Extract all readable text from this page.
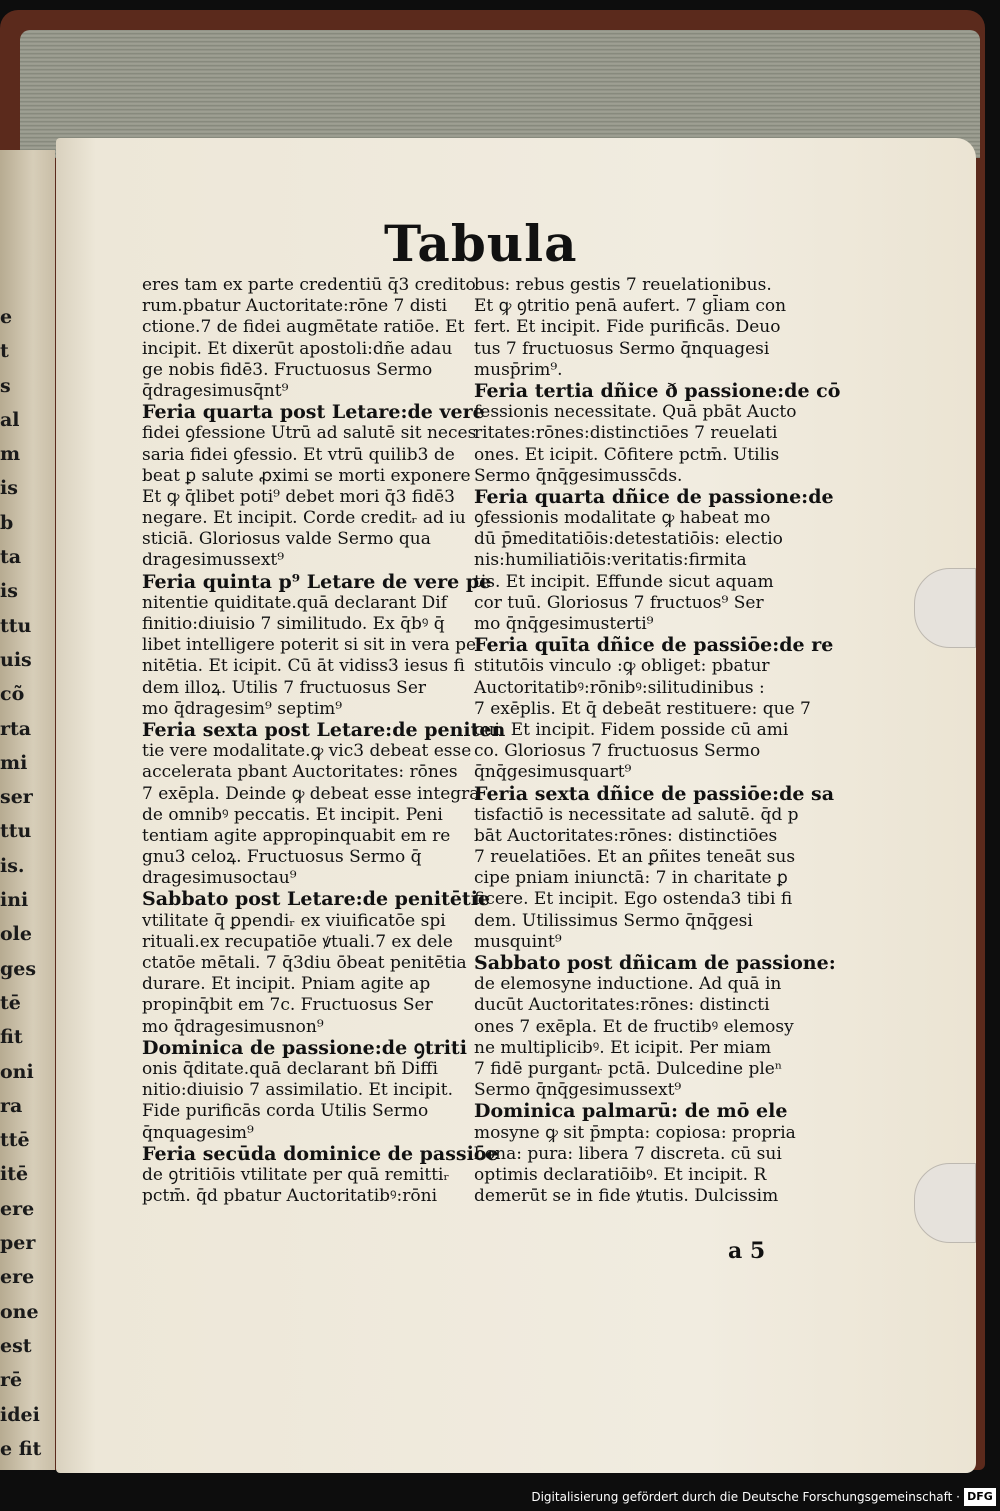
e
t
s
al
m
is
b
ta
is
ttu
uis
cõ
rta
mi
ser
ttu
is.
ini
ole
ges
tē
fit
oni
ra
ttē
itē
ere
per
ere
one
est
rē
idei
e fit
Tabula
eres tam ex parte credentiū q̄3 credito
rum.pbatur Auctoritate:rōne 7 disti
ctione.7 de fidei augmētate ratiōe. Et
incipit. Et dixerūt apostoli:dñe adau
ge nobis fidē3. Fructuosus Sermo
q̄dragesimusq̄nt⁹
Feria quarta post Letare:de vere
fidei ꝯfessione Utrū ad salutē sit neces
saria fidei ꝯfessio. Et vtrū quilib3 de
beat ꝑ salute ꝓximi se morti exponere
Et ꝙ q̄libet poti⁹ debet mori q̄3 fidē3
negare. Et incipit. Corde creditᵣ ad iu
sticiā. Gloriosus valde Sermo qua
dragesimussext⁹
Feria quinta p⁹ Letare de vere pe
nitentie quiditate.quā declarant Dif
finitio:diuisio 7 similitudo. Ex q̄bꝰ q̄
libet intelligere poterit si sit in vera pe
nitētia. Et icipit. Cū āt vidiss3 iesus fi
dem illoꝝ. Utilis 7 fructuosus Ser
mo q̄dragesim⁹ septim⁹
Feria sexta post Letare:de peniten
tie vere modalitate.ꝙ vic3 debeat esse
accelerata pbant Auctoritates: rōnes
7 exēpla. Deinde ꝙ debeat esse integra
de omnibꝰ peccatis. Et incipit. Peni
tentiam agite appropinquabit em re
gnu3 celoꝝ. Fructuosus Sermo q̄
dragesimusoctau⁹
Sabbato post Letare:de penitētie
vtilitate q̄ ꝑpendiᵣ ex viuificatōe spi
rituali.ex recupatiōe ꝟtuali.7 ex dele
ctatōe mētali. 7 q̄3diu ōbeat penitētia
durare. Et incipit. Pniam agite ap
propinq̄bit em 7c. Fructuosus Ser
mo q̄dragesimusnon⁹
Dominica de passione:de ꝯtriti
onis q̄ditate.quā declarant bñ Diffi
nitio:diuisio 7 assimilatio. Et incipit.
Fide purificās corda Utilis Sermo
q̄nquagesim⁹
Feria secūda dominice de passiōe
de ꝯtritiōis vtilitate per quā remittiᵣ
pctm̄. q̄d pbatur Auctoritatibꝰ:rōni
bus: rebus gestis 7 reuelationibus.
Et ꝙ ꝯtritio penā aufert. 7 gl̄iam con
fert. Et incipit. Fide purificās. Deuo
tus 7 fructuosus Sermo q̄nquagesi
musp̄rim⁹.
Feria tertia dñice ð passione:de cō
fessionis necessitate. Quā pbāt Aucto
ritates:rōnes:distinctiōes 7 reuelati
ones. Et icipit. Cōfitere pctm̄. Utilis
Sermo q̄nq̄gesimussc̄ds.
Feria quarta dñice de passione:de
ꝯfessionis modalitate ꝙ habeat mo
dū p̄meditatiōis:detestatiōis: electio
nis:humiliatiōis:veritatis:firmita
tis. Et incipit. Effunde sicut aquam
cor tuū. Gloriosus 7 fructuos⁹ Ser
mo q̄nq̄gesimusterti⁹
Feria quīta dñice de passiōe:de re
stitutōis vinculo :ꝙ obliget: pbatur
Auctoritatibꝰ:rōnibꝰ:silitudinibus :
7 exēplis. Et q̄ debeāt restituere: que 7
cui. Et incipit. Fidem posside cū ami
co. Gloriosus 7 fructuosus Sermo
q̄nq̄gesimusquart⁹
Feria sexta dñice de passiōe:de sa
tisfactiō is necessitate ad salutē. q̄d p
bāt Auctoritates:rōnes: distinctiōes
7 reuelatiōes. Et an ꝑñites teneāt sus
cipe pniam iniunctā: 7 in charitate ꝑ
ficere. Et incipit. Ego ostenda3 tibi fi
dem. Utilissimus Sermo q̄nq̄gesi
musquint⁹
Sabbato post dñicam de passione:
de elemosyne inductione. Ad quā in
ducūt Auctoritates:rōnes: distincti
ones 7 exēpla. Et de fructibꝰ elemosy
ne multiplicibꝰ. Et icipit. Per miam
7 fidē purgantᵣ pctā. Dulcedine pleⁿ
Sermo q̄nq̄gesimussext⁹
Dominica palmarū: de mō ele
mosyne ꝙ sit p̄mpta: copiosa: propria
bona: pura: libera 7 discreta. cū sui
optimis declaratiōibꝰ. Et incipit. R
demerūt se in fide ꝟtutis. Dulcissim
a 5
Digitalisierung gefördert durch die Deutsche Forschungsgemeinschaft · DFG
